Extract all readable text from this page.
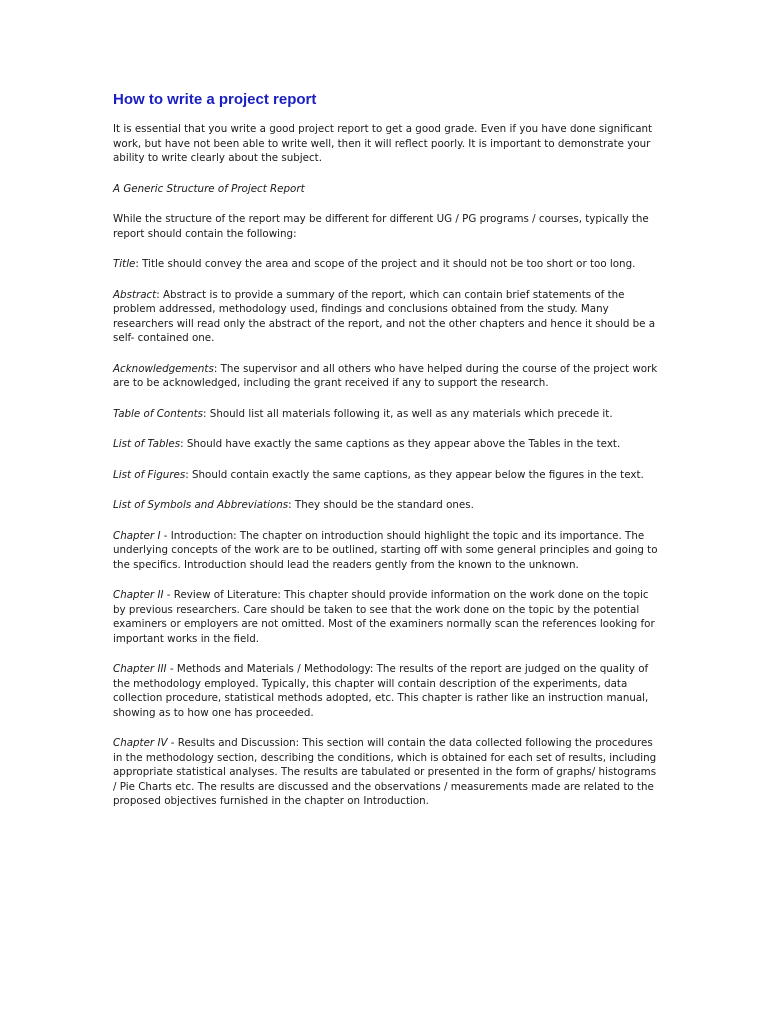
How to write a project report

It is essential that you write a good project report to get a good grade. Even if you have done significant work, but have not been able to write well, then it will reflect poorly. It is important to demonstrate your ability to write clearly about the subject.

A Generic Structure of Project Report

While the structure of the report may be different for different UG / PG programs / courses, typically the report should contain the following:

Title: Title should convey the area and scope of the project and it should not be too short or too long.

Abstract: Abstract is to provide a summary of the report, which can contain brief statements of the problem addressed, methodology used, findings and conclusions obtained from the study. Many researchers will read only the abstract of the report, and not the other chapters and hence it should be a self- contained one.

Acknowledgements: The supervisor and all others who have helped during the course of the project work are to be acknowledged, including the grant received if any to support the research.

Table of Contents: Should list all materials following it, as well as any materials which precede it.

List of Tables: Should have exactly the same captions as they appear above the Tables in the text.

List of Figures: Should contain exactly the same captions, as they appear below the figures in the text.

List of Symbols and Abbreviations: They should be the standard ones.

Chapter I - Introduction: The chapter on introduction should highlight the topic and its importance. The underlying concepts of the work are to be outlined, starting off with some general principles and going to the specifics. Introduction should lead the readers gently from the known to the unknown.

Chapter II - Review of Literature: This chapter should provide information on the work done on the topic by previous researchers. Care should be taken to see that the work done on the topic by the potential examiners or employers are not omitted. Most of the examiners normally scan the references looking for important works in the field.

Chapter III - Methods and Materials / Methodology: The results of the report are judged on the quality of the methodology employed. Typically, this chapter will contain description of the experiments, data collection procedure, statistical methods adopted, etc. This chapter is rather like an instruction manual, showing as to how one has proceeded.

Chapter IV - Results and Discussion: This section will contain the data collected following the procedures in the methodology section, describing the conditions, which is obtained for each set of results, including appropriate statistical analyses. The results are tabulated or presented in the form of graphs/ histograms / Pie Charts etc. The results are discussed and the observations / measurements made are related to the proposed objectives furnished in the chapter on Introduction.
